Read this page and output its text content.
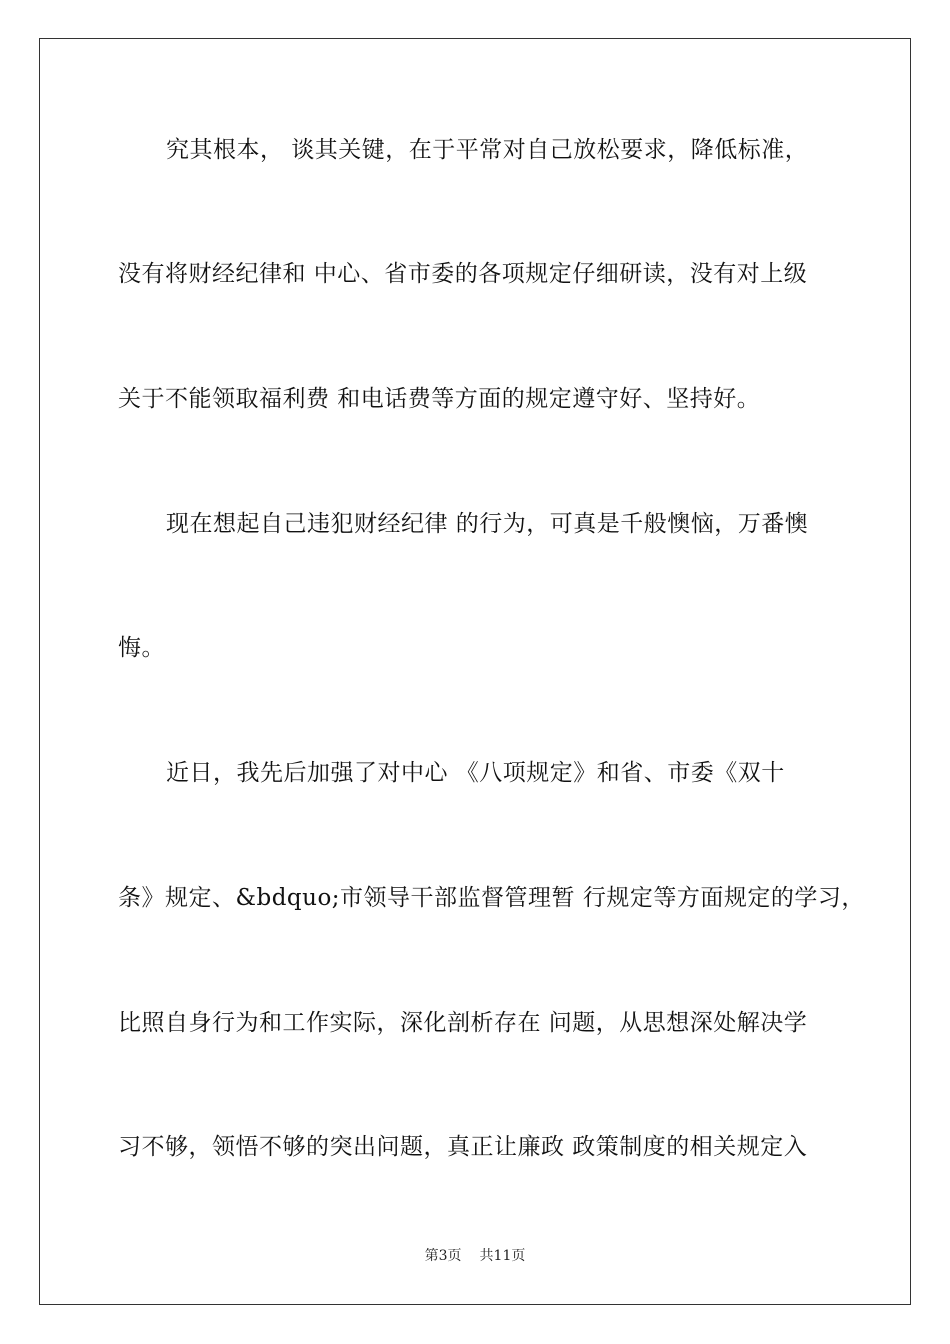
究其根本， 谈其关键，在于平常对自己放松要求，降低标准，
没有将财经纪律和 中心、省市委的各项规定仔细研读，没有对上级
关于不能领取福利费 和电话费等方面的规定遵守好、坚持好。
现在想起自己违犯财经纪律 的行为，可真是千般懊恼，万番懊
悔。
近日，我先后加强了对中心 《八项规定》和省、市委《双十
条》规定、&bdquo;市领导干部监督管理暂 行规定等方面规定的学习，
比照自身行为和工作实际，深化剖析存在 问题，从思想深处解决学
习不够，领悟不够的突出问题，真正让廉政 政策制度的相关规定入
第3页 共11页
